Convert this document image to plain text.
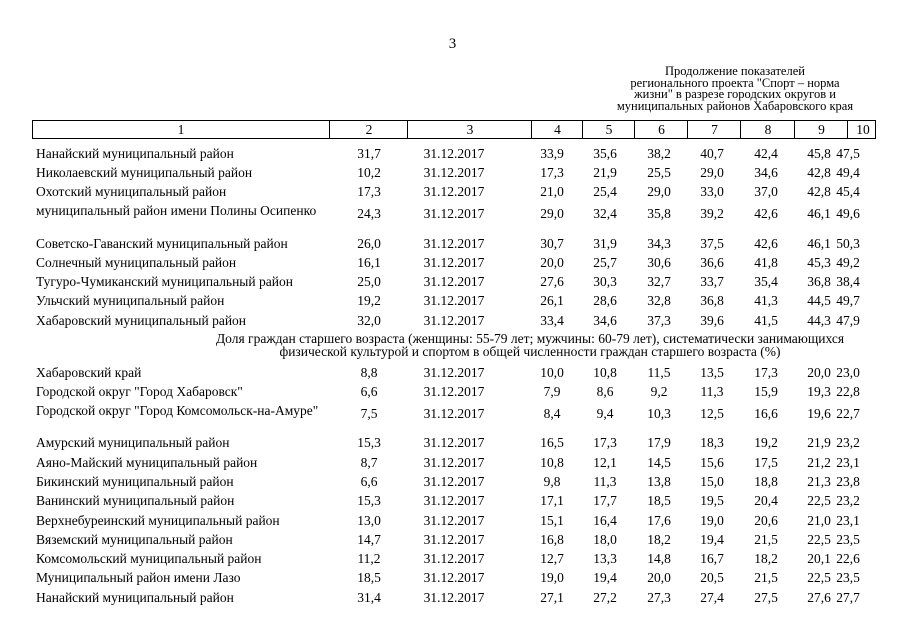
3
Продолжение показателей
регионального проекта "Спорт – норма
жизни" в разрезе городских округов и
муниципальных районов Хабаровского края
1	2	3	4	5	6	7	8	9	10
Нанайский муниципальный район	31,7	31.12.2017	33,9	35,6	38,2	40,7	42,4	45,8 47,5
Николаевский муниципальный район	10,2	31.12.2017	17,3	21,9	25,5	29,0	34,6	42,8 49,4
Охотский муниципальный район	17,3	31.12.2017	21,0	25,4	29,0	33,0	37,0	42,8 45,4
муниципальный район имени Полины Осипенко	24,3	31.12.2017	29,0	32,4	35,8	39,2	42,6	46,1 49,6
Советско-Гаванский муниципальный район	26,0	31.12.2017	30,7	31,9	34,3	37,5	42,6	46,1 50,3
Солнечный муниципальный район	16,1	31.12.2017	20,0	25,7	30,6	36,6	41,8	45,3 49,2
Тугуро-Чумиканский муниципальный район	25,0	31.12.2017	27,6	30,3	32,7	33,7	35,4	36,8 38,4
Ульчский муниципальный район	19,2	31.12.2017	26,1	28,6	32,8	36,8	41,3	44,5 49,7
Хабаровский муниципальный район	32,0	31.12.2017	33,4	34,6	37,3	39,6	41,5	44,3 47,9
Доля граждан старшего возраста (женщины: 55-79 лет; мужчины: 60-79 лет), систематически занимающихся физической культурой и спортом в общей численности граждан старшего возраста (%)
Хабаровский край	8,8	31.12.2017	10,0	10,8	11,5	13,5	17,3	20,0 23,0
Городской округ "Город Хабаровск"	6,6	31.12.2017	7,9	8,6	9,2	11,3	15,9	19,3 22,8
Городской округ "Город Комсомольск-на-Амуре"	7,5	31.12.2017	8,4	9,4	10,3	12,5	16,6	19,6 22,7
Амурский муниципальный район	15,3	31.12.2017	16,5	17,3	17,9	18,3	19,2	21,9 23,2
Аяно-Майский муниципальный район	8,7	31.12.2017	10,8	12,1	14,5	15,6	17,5	21,2 23,1
Бикинский муниципальный район	6,6	31.12.2017	9,8	11,3	13,8	15,0	18,8	21,3 23,8
Ванинский муниципальный район	15,3	31.12.2017	17,1	17,7	18,5	19,5	20,4	22,5 23,2
Верхнебуреинский муниципальный район	13,0	31.12.2017	15,1	16,4	17,6	19,0	20,6	21,0 23,1
Вяземский муниципальный район	14,7	31.12.2017	16,8	18,0	18,2	19,4	21,5	22,5 23,5
Комсомольский муниципальный район	11,2	31.12.2017	12,7	13,3	14,8	16,7	18,2	20,1 22,6
Муниципальный район имени Лазо	18,5	31.12.2017	19,0	19,4	20,0	20,5	21,5	22,5 23,5
Нанайский муниципальный район	31,4	31.12.2017	27,1	27,2	27,3	27,4	27,5	27,6 27,7
